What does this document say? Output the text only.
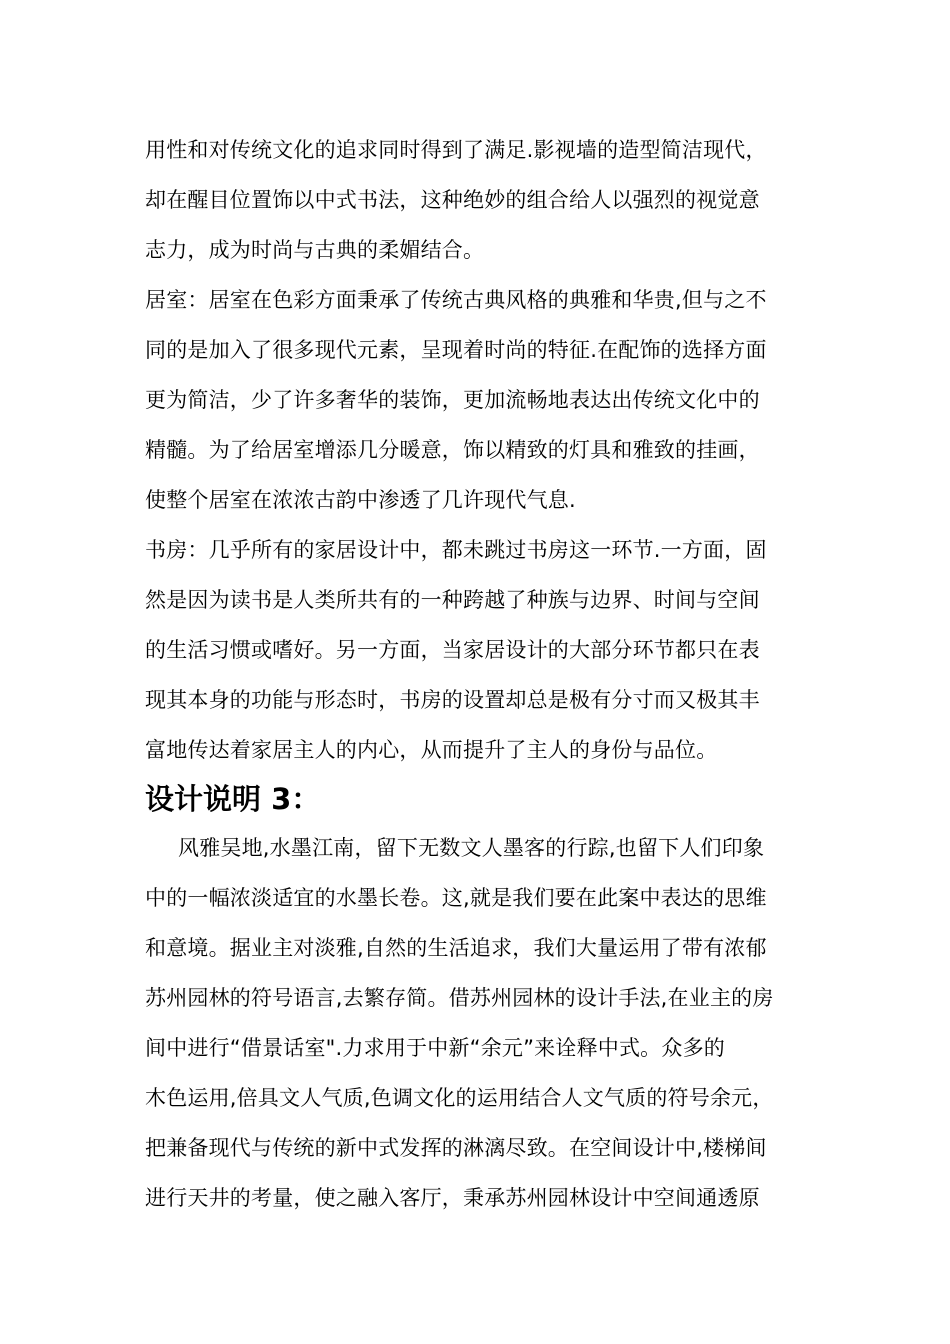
用性和对传统文化的追求同时得到了满足.影视墙的造型简洁现代，
却在醒目位置饰以中式书法，这种绝妙的组合给人以强烈的视觉意
志力，成为时尚与古典的柔媚结合。
居室：居室在色彩方面秉承了传统古典风格的典雅和华贵,但与之不
同的是加入了很多现代元素，呈现着时尚的特征.在配饰的选择方面
更为简洁，少了许多奢华的装饰，更加流畅地表达出传统文化中的
精髓。为了给居室增添几分暖意，饰以精致的灯具和雅致的挂画，
使整个居室在浓浓古韵中渗透了几许现代气息.
书房：几乎所有的家居设计中，都未跳过书房这一环节.一方面，固
然是因为读书是人类所共有的一种跨越了种族与边界、时间与空间
的生活习惯或嗜好。另一方面，当家居设计的大部分环节都只在表
现其本身的功能与形态时，书房的设置却总是极有分寸而又极其丰
富地传达着家居主人的内心，从而提升了主人的身份与品位。
设计说明 3：
风雅吴地,水墨江南，留下无数文人墨客的行踪,也留下人们印象
中的一幅浓淡适宜的水墨长卷。这,就是我们要在此案中表达的思维
和意境。据业主对淡雅,自然的生活追求，我们大量运用了带有浓郁
苏州园林的符号语言,去繁存简。借苏州园林的设计手法,在业主的房
间中进行“借景话室".力求用于中新“余元”来诠释中式。众多的
木色运用,倍具文人气质,色调文化的运用结合人文气质的符号余元，
把兼备现代与传统的新中式发挥的淋漓尽致。在空间设计中,楼梯间
进行天井的考量，使之融入客厅，秉承苏州园林设计中空间通透原
